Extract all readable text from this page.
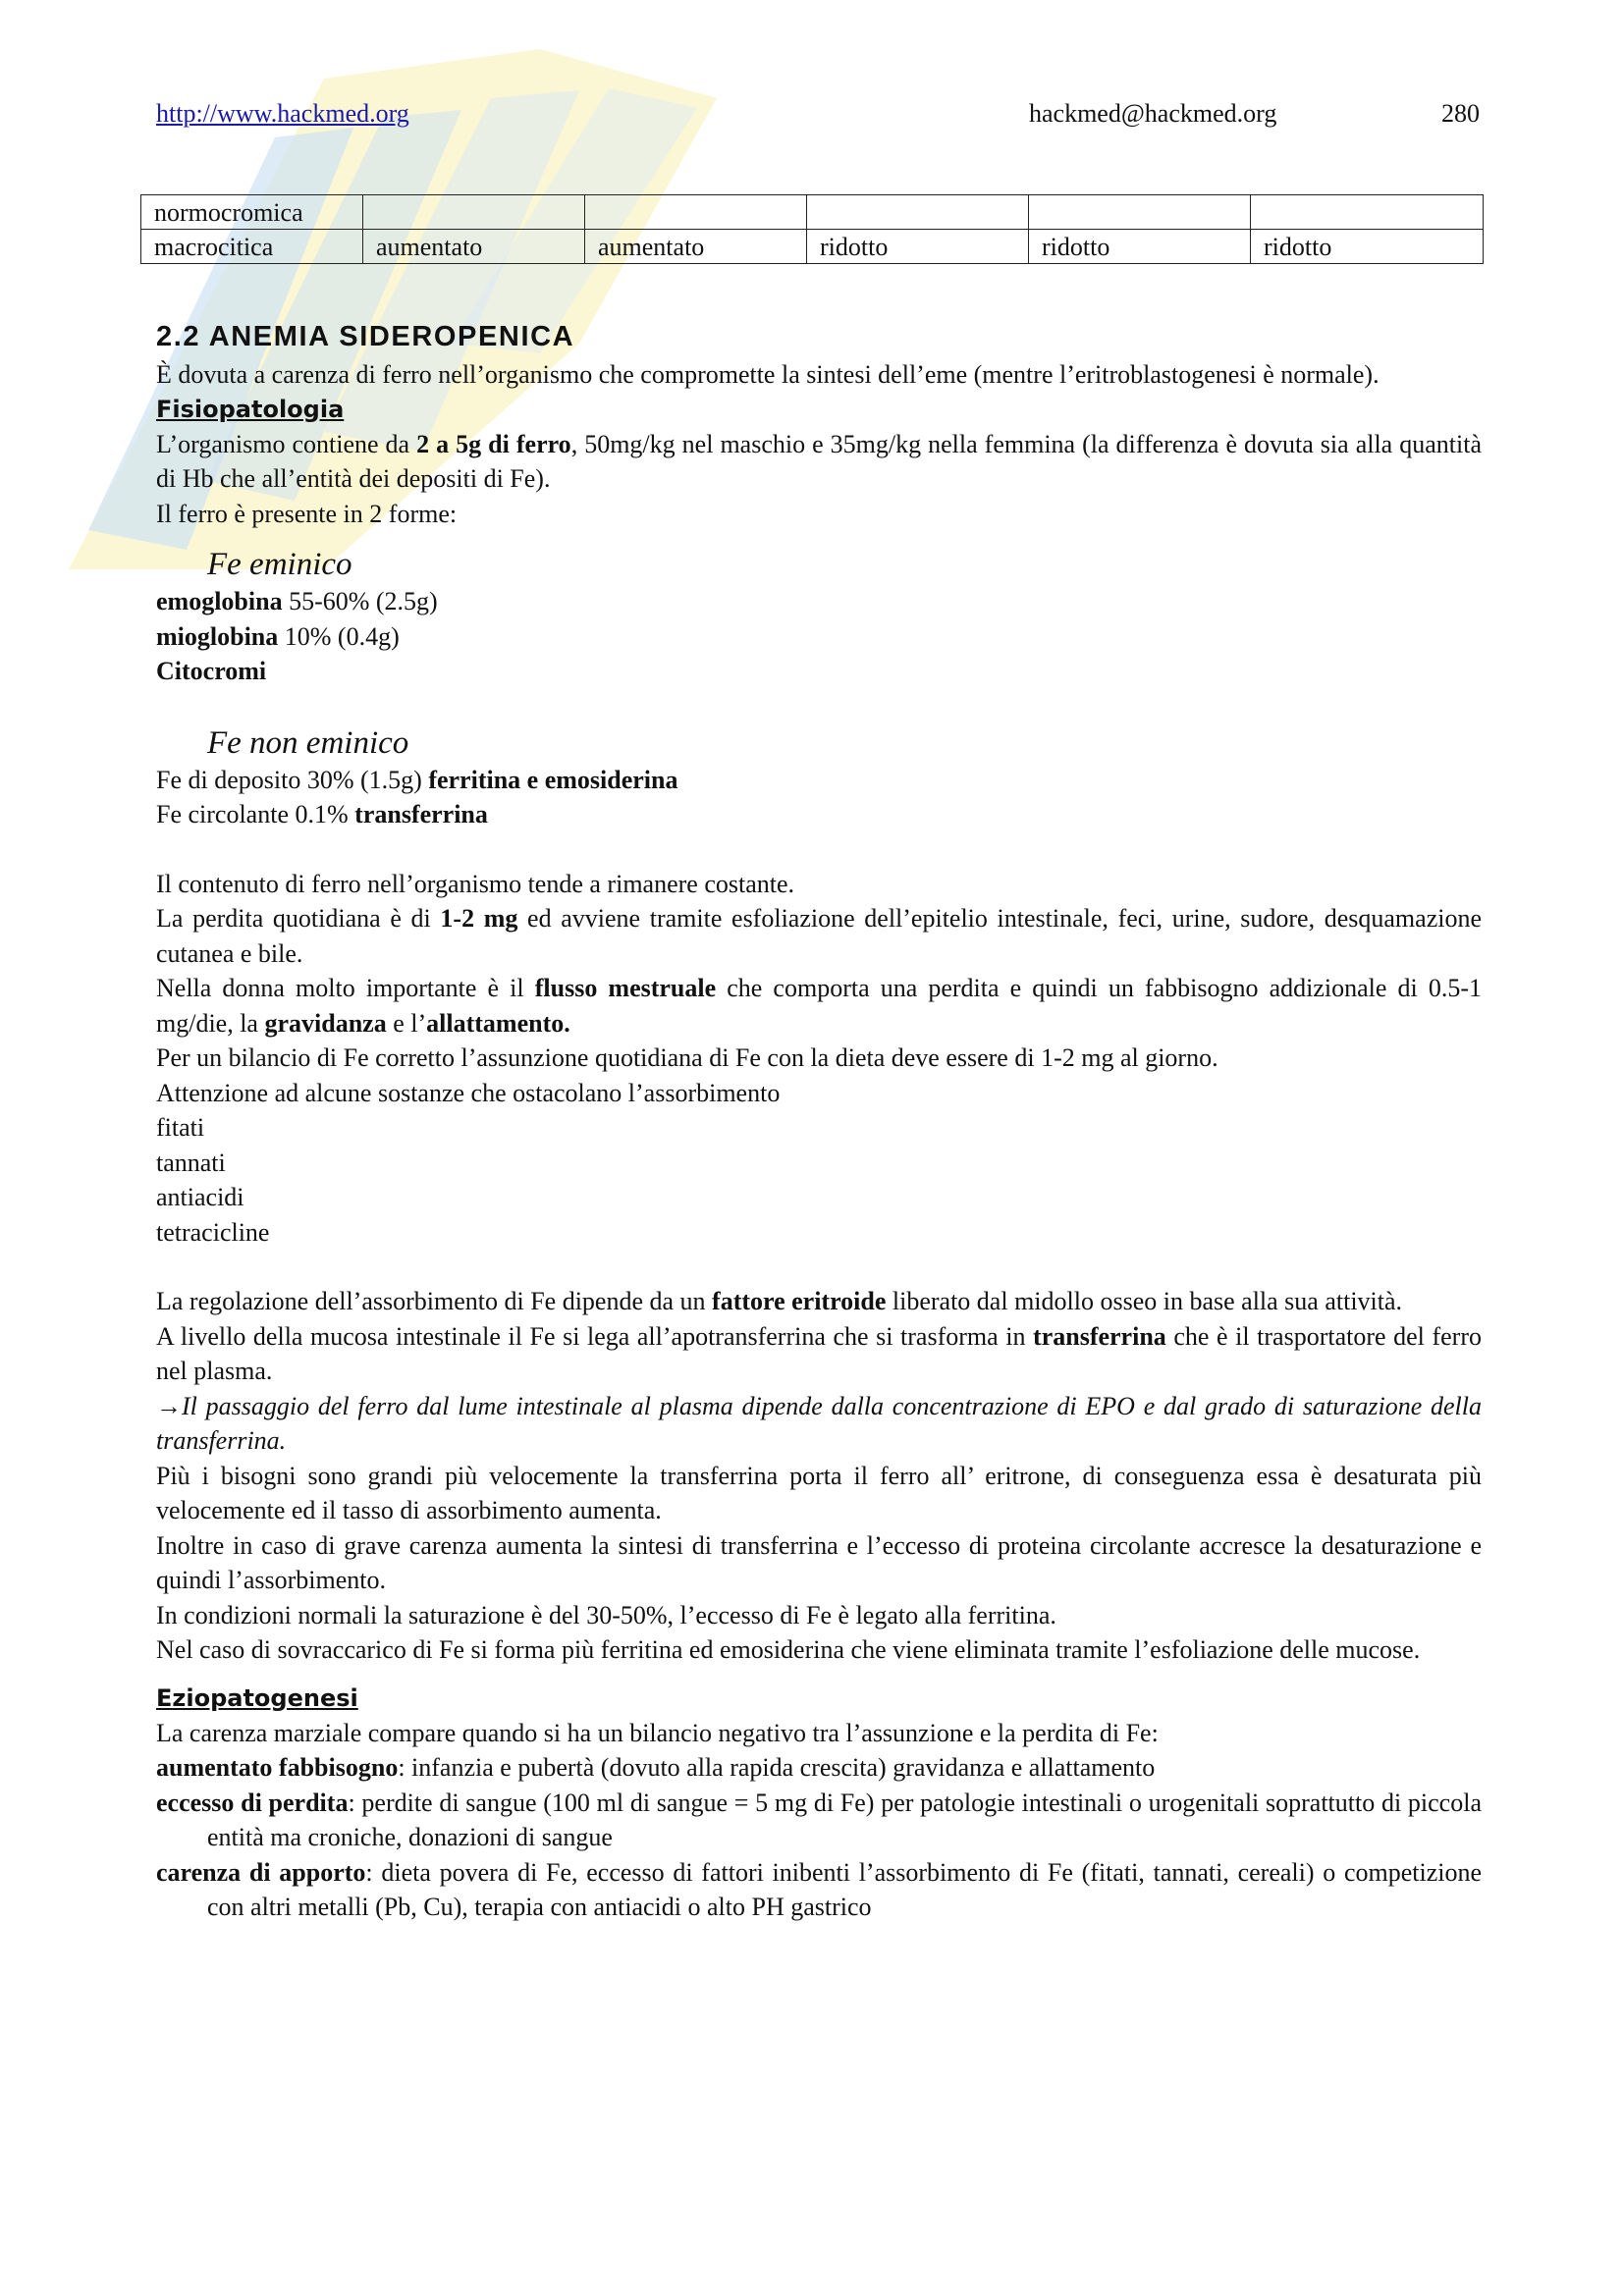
http://www.hackmed.org	hackmed@hackmed.org	280
normocromica					
macrocitica	aumentato	aumentato	ridotto	ridotto	ridotto

2.2 ANEMIA SIDEROPENICA

È dovuta a carenza di ferro nell’organismo che compromette la sintesi dell’eme (mentre l’eritroblastogenesi è normale).

Fisiopatologia

L’organismo contiene da 2 a 5g di ferro, 50mg/kg nel maschio e 35mg/kg nella femmina (la differenza è dovuta sia alla quantità di Hb che all’entità dei depositi di Fe).

Il ferro è presente in 2 forme:

Fe eminico

emoglobina 55-60% (2.5g)

mioglobina 10% (0.4g)

Citocromi

Fe non eminico

Fe di deposito 30% (1.5g) ferritina e emosiderina

Fe circolante 0.1% transferrina

Il contenuto di ferro nell’organismo tende a rimanere costante.

La perdita quotidiana è di 1-2 mg ed avviene tramite esfoliazione dell’epitelio intestinale, feci, urine, sudore, desquamazione cutanea e bile.

Nella donna molto importante è il flusso mestruale che comporta una perdita e quindi un fabbisogno addizionale di 0.5-1 mg/die, la gravidanza e l’allattamento.

Per un bilancio di Fe corretto l’assunzione quotidiana di Fe con la dieta deve essere di 1-2 mg al giorno.

Attenzione ad alcune sostanze che ostacolano l’assorbimento

fitati

tannati

antiacidi

tetracicline

La regolazione dell’assorbimento di Fe dipende da un fattore eritroide liberato dal midollo osseo in base alla sua attività.

A livello della mucosa intestinale il Fe si lega all’apotransferrina che si trasforma in transferrina che è il trasportatore del ferro nel plasma.

→Il passaggio del ferro dal lume intestinale al plasma dipende dalla concentrazione di EPO e dal grado di saturazione della transferrina.

Più i bisogni sono grandi più velocemente la transferrina porta il ferro all’ eritrone, di conseguenza essa è desaturata più velocemente ed il tasso di assorbimento aumenta.

Inoltre in caso di grave carenza aumenta la sintesi di transferrina e l’eccesso di proteina circolante accresce la desaturazione e quindi l’assorbimento.

In condizioni normali la saturazione è del 30-50%, l’eccesso di Fe è legato alla ferritina.

Nel caso di sovraccarico di Fe si forma più ferritina ed emosiderina che viene eliminata tramite l’esfoliazione delle mucose.

Eziopatogenesi

La carenza marziale compare quando si ha un bilancio negativo tra l’assunzione e la perdita di Fe:

aumentato fabbisogno: infanzia e pubertà (dovuto alla rapida crescita) gravidanza e allattamento

eccesso di perdita: perdite di sangue (100 ml di sangue = 5 mg di Fe) per patologie intestinali o urogenitali soprattutto di piccola entità ma croniche, donazioni di sangue

carenza di apporto: dieta povera di Fe, eccesso di fattori inibenti l’assorbimento di Fe (fitati, tannati, cereali) o competizione con altri metalli (Pb, Cu), terapia con antiacidi o alto PH gastrico
